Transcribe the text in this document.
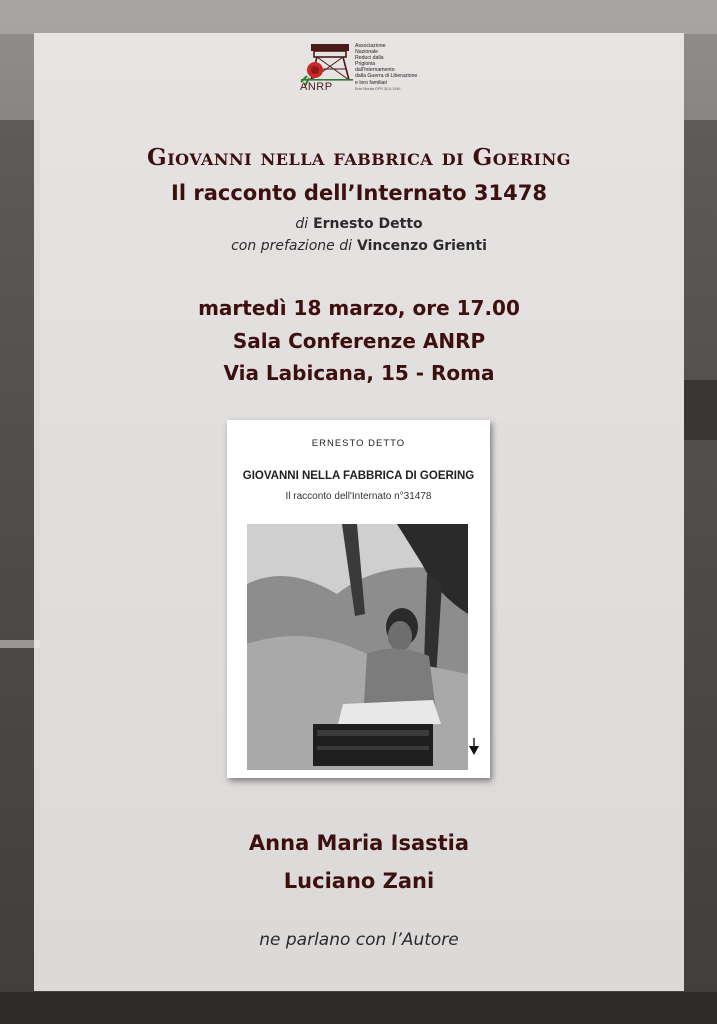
ANRP
Associazione
Nazionale
Reduci dalla
Prigionia
dall'Internamento
dalla Guerra di Liberazione
e loro familiari
Ente Morale DPR 30-5-1949
Giovanni nella fabbrica di Goering
Il racconto dell’Internato 31478
di Ernesto Detto
con prefazione di Vincenzo Grienti
martedì 18 marzo, ore 17.00
Sala Conferenze ANRP
Via Labicana, 15 - Roma
ERNESTO DETTO
GIOVANNI NELLA FABBRICA DI GOERING
Il racconto dell'Internato n°31478
Anna Maria Isastia
Luciano Zani
ne parlano con l’Autore
